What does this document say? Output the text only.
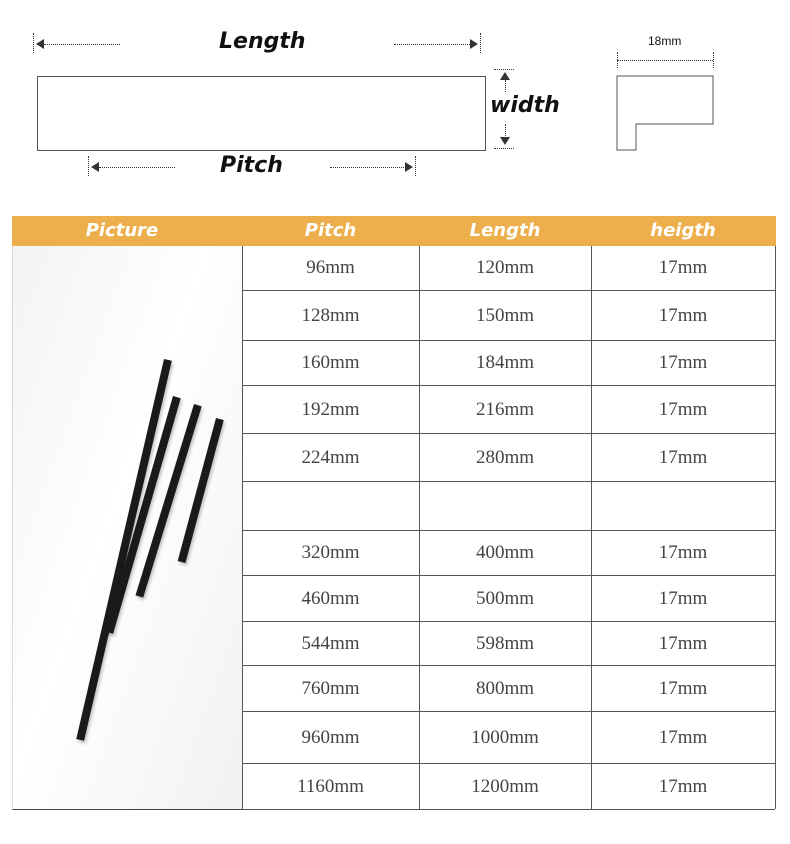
Length
width
Pitch
18mm
Picture	Pitch	Length	heigth
96mm	120mm	17mm
128mm	150mm	17mm
160mm	184mm	17mm
192mm	216mm	17mm
224mm	280mm	17mm
320mm	400mm	17mm
460mm	500mm	17mm
544mm	598mm	17mm
760mm	800mm	17mm
960mm	1000mm	17mm
1160mm	1200mm	17mm
